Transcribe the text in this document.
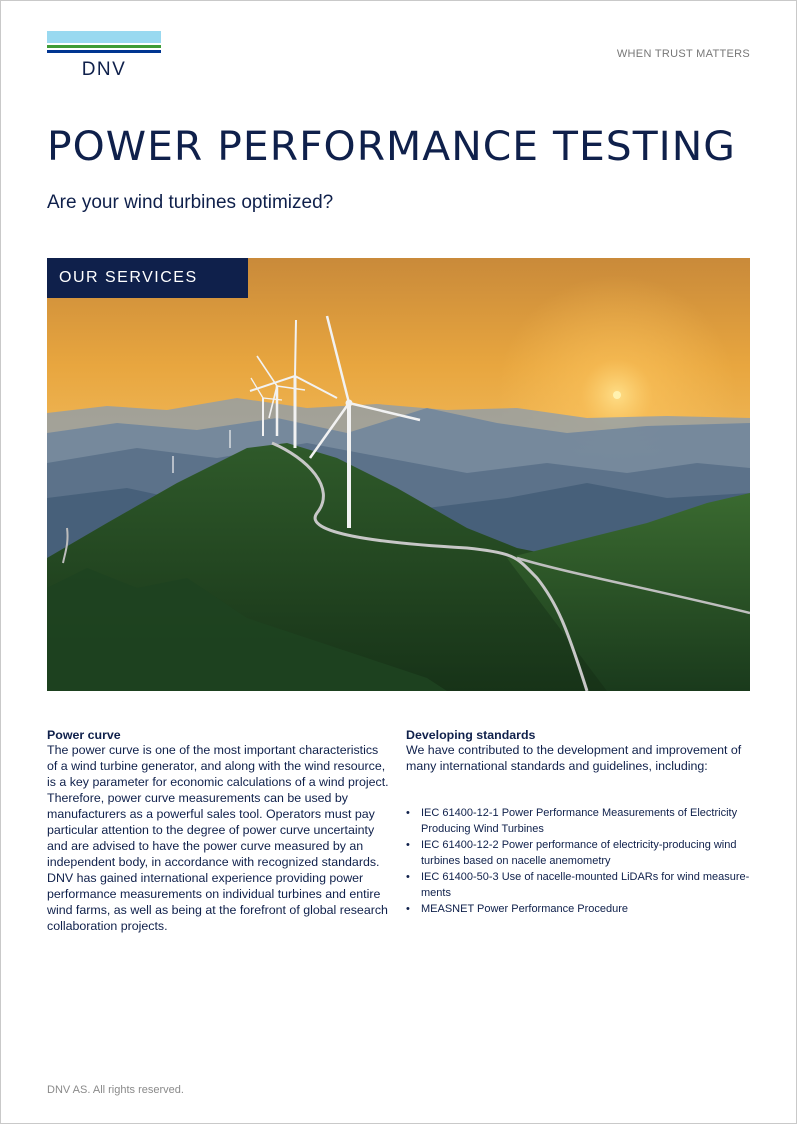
DNV
WHEN TRUST MATTERS
POWER PERFORMANCE TESTING
Are your wind turbines optimized?
OUR SERVICES
Power curve

The power curve is one of the most important characteristics of a wind turbine generator, and along with the wind resource, is a key parameter for economic calculations of a wind project. Therefore, power curve measurements can be used by manufacturers as a powerful sales tool. Operators must pay particular attention to the degree of power curve uncertainty and are advised to have the power curve measured by an independent body, in accordance with recognized standards. DNV has gained international experience providing power performance measurements on individual turbines and entire wind farms, as well as being at the forefront of global research collaboration projects.

Developing standards

We have contributed to the development and improvement of many international standards and guidelines, including:

• IEC 61400-12-1 Power Performance Measurements of Electricity Producing Wind Turbines
• IEC 61400-12-2 Power performance of electricity-producing wind turbines based on nacelle anemometry
• IEC 61400-50-3 Use of nacelle-mounted LiDARs for wind measure-ments
• MEASNET Power Performance Procedure
DNV AS. All rights reserved.
